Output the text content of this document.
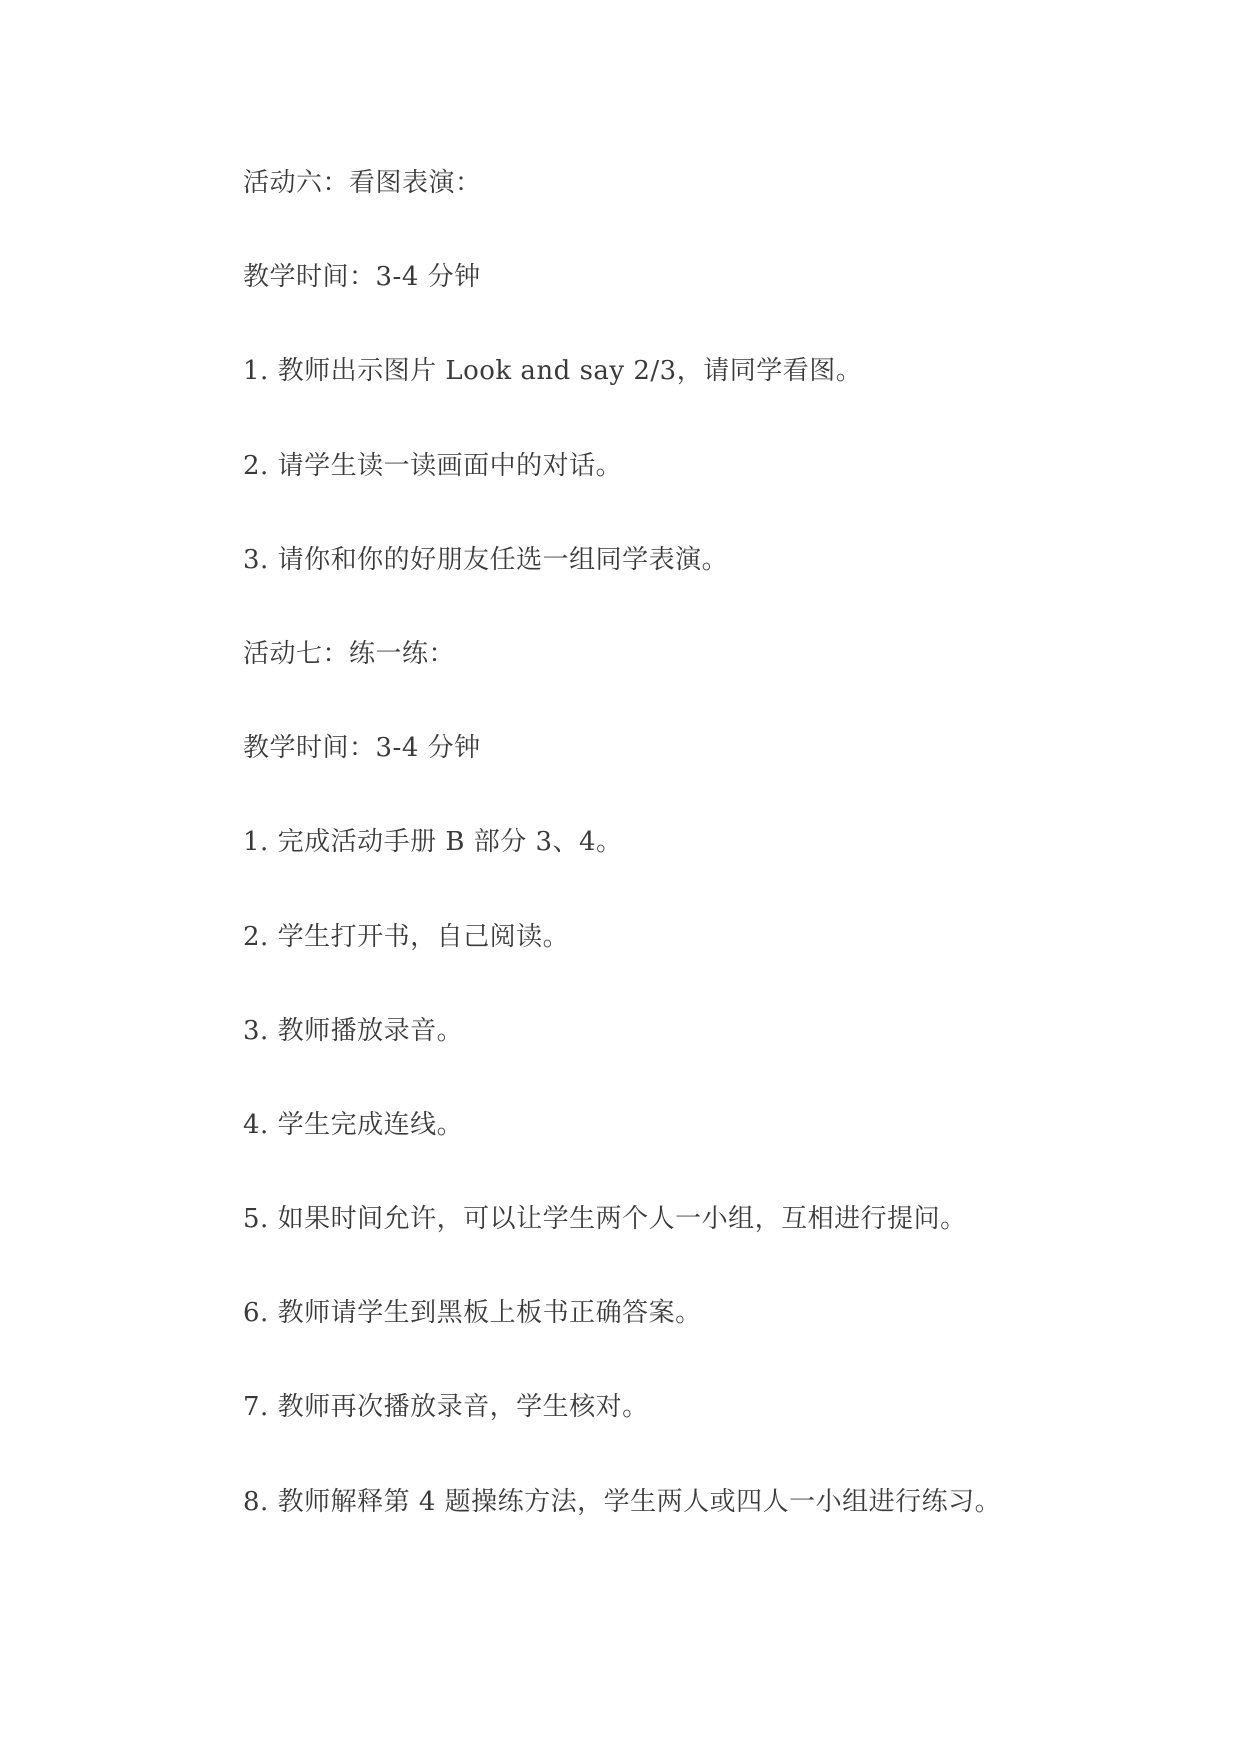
活动六：看图表演：
教学时间：3-4 分钟
1. 教师出示图片 Look and say 2/3，请同学看图。
2. 请学生读一读画面中的对话。
3. 请你和你的好朋友任选一组同学表演。
活动七：练一练：
教学时间：3-4 分钟
1. 完成活动手册 B 部分 3、4。
2. 学生打开书，自己阅读。
3. 教师播放录音。
4. 学生完成连线。
5. 如果时间允许，可以让学生两个人一小组，互相进行提问。
6. 教师请学生到黑板上板书正确答案。
7. 教师再次播放录音，学生核对。
8. 教师解释第 4 题操练方法，学生两人或四人一小组进行练习。
